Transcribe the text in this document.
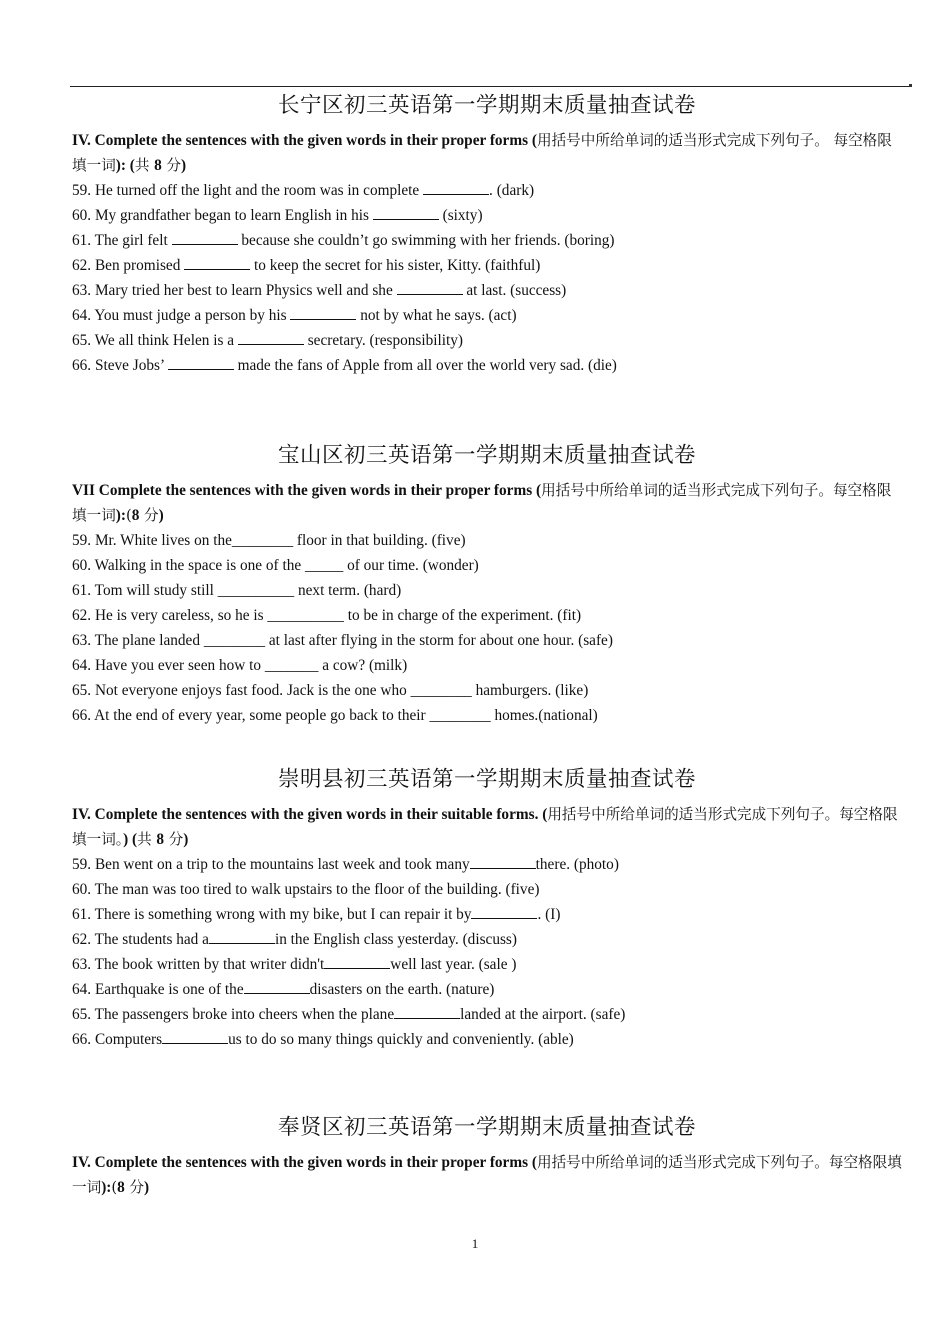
长宁区初三英语第一学期期末质量抽查试卷

IV. Complete the sentences with the given words in their proper forms (用括号中所给单词的适当形式完成下列句子。 每空格限填一词): (共 8 分)

59. He turned off the light and the room was in complete	. (dark)
60. My grandfather began to learn English in his	(sixty)
61. The girl felt	because she couldn’t go swimming with her friends. (boring)
62. Ben promised	to keep the secret for his sister, Kitty. (faithful)
63. Mary tried her best to learn Physics well and she	at last. (success)
64. You must judge a person by his	not by what he says. (act)
65. We all think Helen is a	secretary. (responsibility)
66. Steve Jobs’	made the fans of Apple from all over the world very sad. (die)
宝山区初三英语第一学期期末质量抽查试卷

VII Complete the sentences with the given words in their proper forms (用括号中所给单词的适当形式完成下列句子。每空格限填一词):(8 分)

59. Mr. White lives on the________ floor in that building. (five)
60. Walking in the space is one of the _____ of our time. (wonder)
61. Tom will study still __________ next term. (hard)
62. He is very careless, so he is __________ to be in charge of the experiment. (fit)
63. The plane landed ________ at last after flying in the storm for about one hour. (safe)
64. Have you ever seen how to _______ a cow? (milk)
65. Not everyone enjoys fast food. Jack is the one who ________ hamburgers. (like)
66. At the end of every year, some people go back to their ________ homes.(national)
崇明县初三英语第一学期期末质量抽查试卷

IV. Complete the sentences with the given words in their suitable forms. (用括号中所给单词的适当形式完成下列句子。每空格限填一词。) (共 8 分)

59. Ben went on a trip to the mountains last week and took many	there. (photo)
60. The man was too tired to walk upstairs to the floor of the building. (five)
61. There is something wrong with my bike, but I can repair it by	. (I)
62. The students had a	in the English class yesterday. (discuss)
63. The book written by that writer didn't	well last year. (sale )
64. Earthquake is one of the	disasters on the earth. (nature)
65. The passengers broke into cheers when the plane	landed at the airport. (safe)
66. Computers	us to do so many things quickly and conveniently. (able)
奉贤区初三英语第一学期期末质量抽查试卷

IV. Complete the sentences with the given words in their proper forms (用括号中所给单词的适当形式完成下列句子。每空格限填一词):(8 分)

1
